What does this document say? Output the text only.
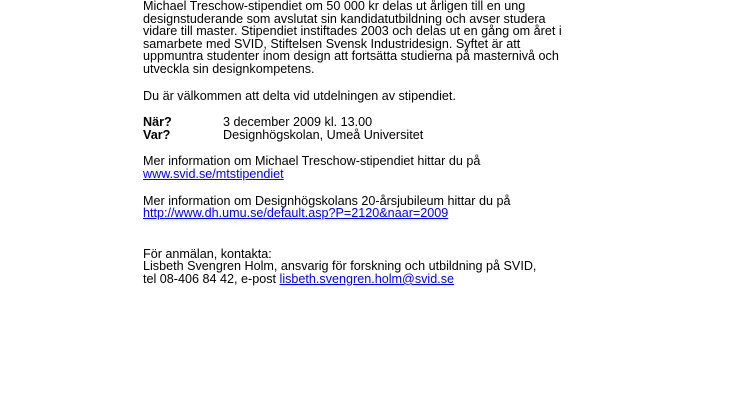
Michael Treschow-stipendiet om 50 000 kr delas ut årligen till en ung
designstuderande som avslutat sin kandidatutbildning och avser studera
vidare till master. Stipendiet instiftades 2003 och delas ut en gång om året i
samarbete med SVID, Stiftelsen Svensk Industridesign. Syftet är att
uppmuntra studenter inom design att fortsätta studierna på masternivå och
utveckla sin designkompetens.
Du är välkommen att delta vid utdelningen av stipendiet.
När?	3 december 2009 kl. 13.00
Var?	Designhögskolan, Umeå Universitet
Mer information om Michael Treschow-stipendiet hittar du på
www.svid.se/mtstipendiet
Mer information om Designhögskolans 20-årsjubileum hittar du på
http://www.dh.umu.se/default.asp?P=2120&naar=2009
För anmälan, kontakta:
Lisbeth Svengren Holm, ansvarig för forskning och utbildning på SVID,
tel 08-406 84 42, e-post lisbeth.svengren.holm@svid.se
